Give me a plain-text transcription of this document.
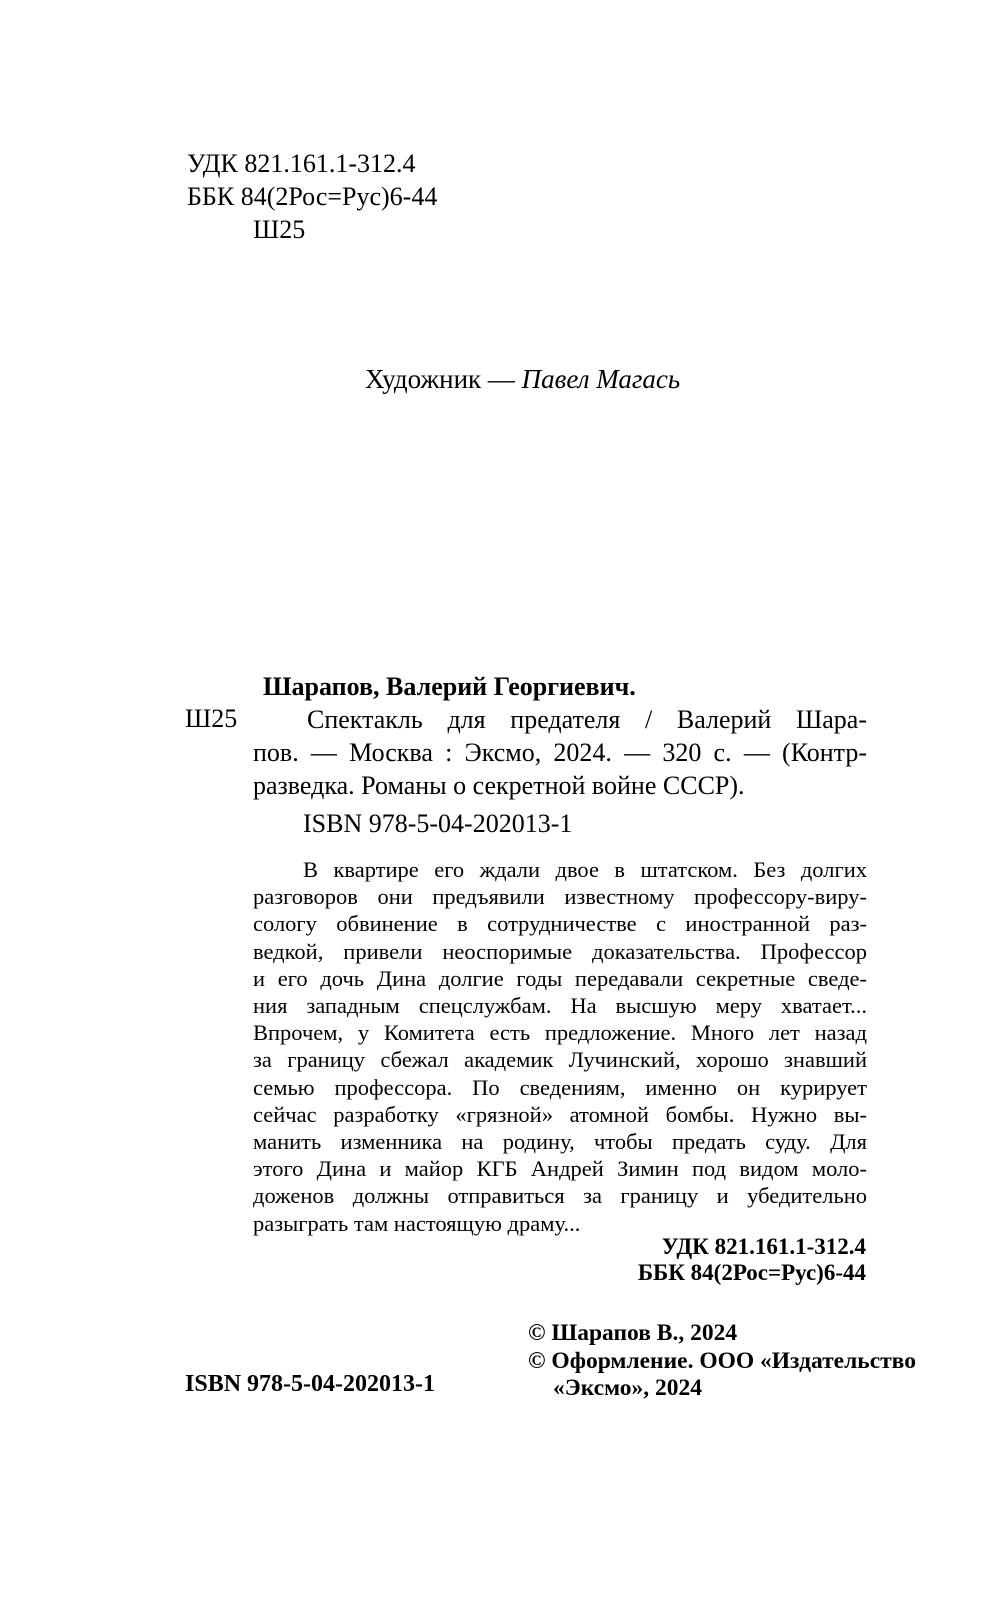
УДК 821.161.1-312.4
ББК 84(2Рос=Рус)6-44
Ш25
Художник — Павел Магась
Ш25
Шарапов, Валерий Георгиевич.
Спектакль для предателя / Валерий Шара-
пов. — Москва : Эксмо, 2024. — 320 с. — (Контр-
разведка. Романы о секретной войне СССР).
ISBN 978-5-04-202013-1
В квартире его ждали двое в штатском. Без долгих
разговоров они предъявили известному профессору-виру-
сологу обвинение в сотрудничестве с иностранной раз-
ведкой, привели неоспоримые доказательства. Профессор
и его дочь Дина долгие годы передавали секретные сведе-
ния западным спецслужбам. На высшую меру хватает...
Впрочем, у Комитета есть предложение. Много лет назад
за границу сбежал академик Лучинский, хорошо знавший
семью профессора. По сведениям, именно он курирует
сейчас разработку «грязной» атомной бомбы. Нужно вы-
манить изменника на родину, чтобы предать суду. Для
этого Дина и майор КГБ Андрей Зимин под видом моло-
доженов должны отправиться за границу и убедительно
разыграть там настоящую драму...
УДК 821.161.1-312.4
ББК 84(2Рос=Рус)6-44
© Шарапов В., 2024
© Оформление. ООО «Издательство
«Эксмо», 2024
ISBN 978-5-04-202013-1
